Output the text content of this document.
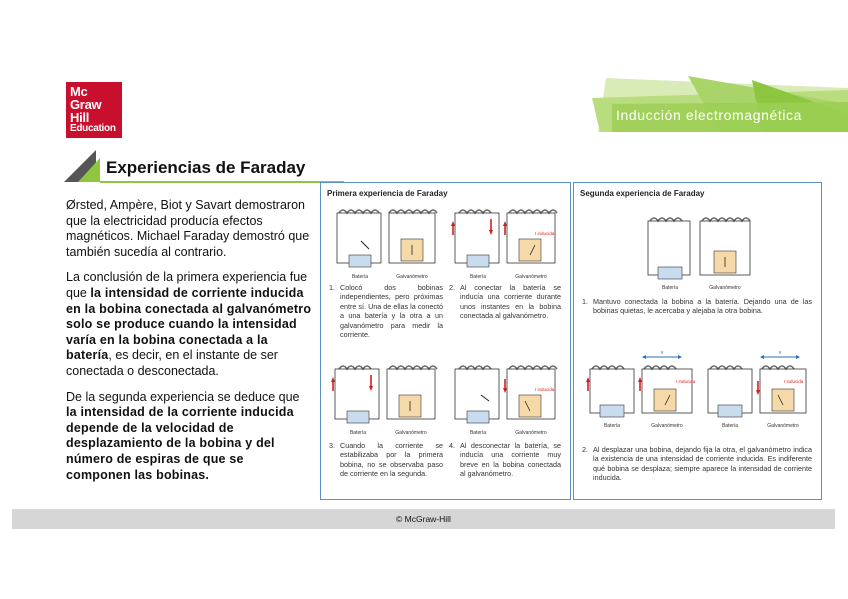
Mc
Graw
Hill
Education
Inducción electromagnética
Experiencias de Faraday

Ørsted, Ampère, Biot y Savart demostraron que la electricidad producía efectos magnéticos. Michael Faraday demostró que también sucedía al contrario.

La conclusión de la primera experiencia fue que la intensidad de corriente inducida en la bobina conectada al galvanómetro solo se produce cuando la intensidad varía en la bobina conectada a la batería, es decir, en el instante de ser conectada o desconectada.

De la segunda experiencia se deduce que la intensidad de la corriente inducida depende de la velocidad de desplazamiento de la bobina y del número de espiras de que se componen las bobinas.

Primera experiencia de Faraday
Batería	Galvanómetro
I inducida
Batería	Galvanómetro
1. Colocó dos bobinas independientes, pero próximas entre sí. Una de ellas la conectó a una batería y la otra a un galvanómetro para medir la corriente.
2. Al conectar la batería se inducía una corriente durante unos instantes en la bobina conectada al galvanómetro.
Batería	Galvanómetro
I inducida
Batería	Galvanómetro
3. Cuando la corriente se estabilizaba por la primera bobina, no se observaba paso de corriente en la segunda.
4. Al desconectar la batería, se inducía una corriente muy breve en la bobina conectada al galvanómetro.
Segunda experiencia de Faraday
Batería	Galvanómetro
1. Mantuvo conectada la bobina a la batería. Dejando una de las bobinas quietas, le acercaba y alejaba la otra bobina.
v	v
I inducida	I inducida
Batería	Galvanómetro	Batería	Galvanómetro
2. Al desplazar una bobina, dejando fija la otra, el galvanómetro indica la existencia de una intensidad de corriente inducida. Es indiferente qué bobina se desplaza; siempre aparece la intensidad de corriente inducida.
© McGraw-Hill
